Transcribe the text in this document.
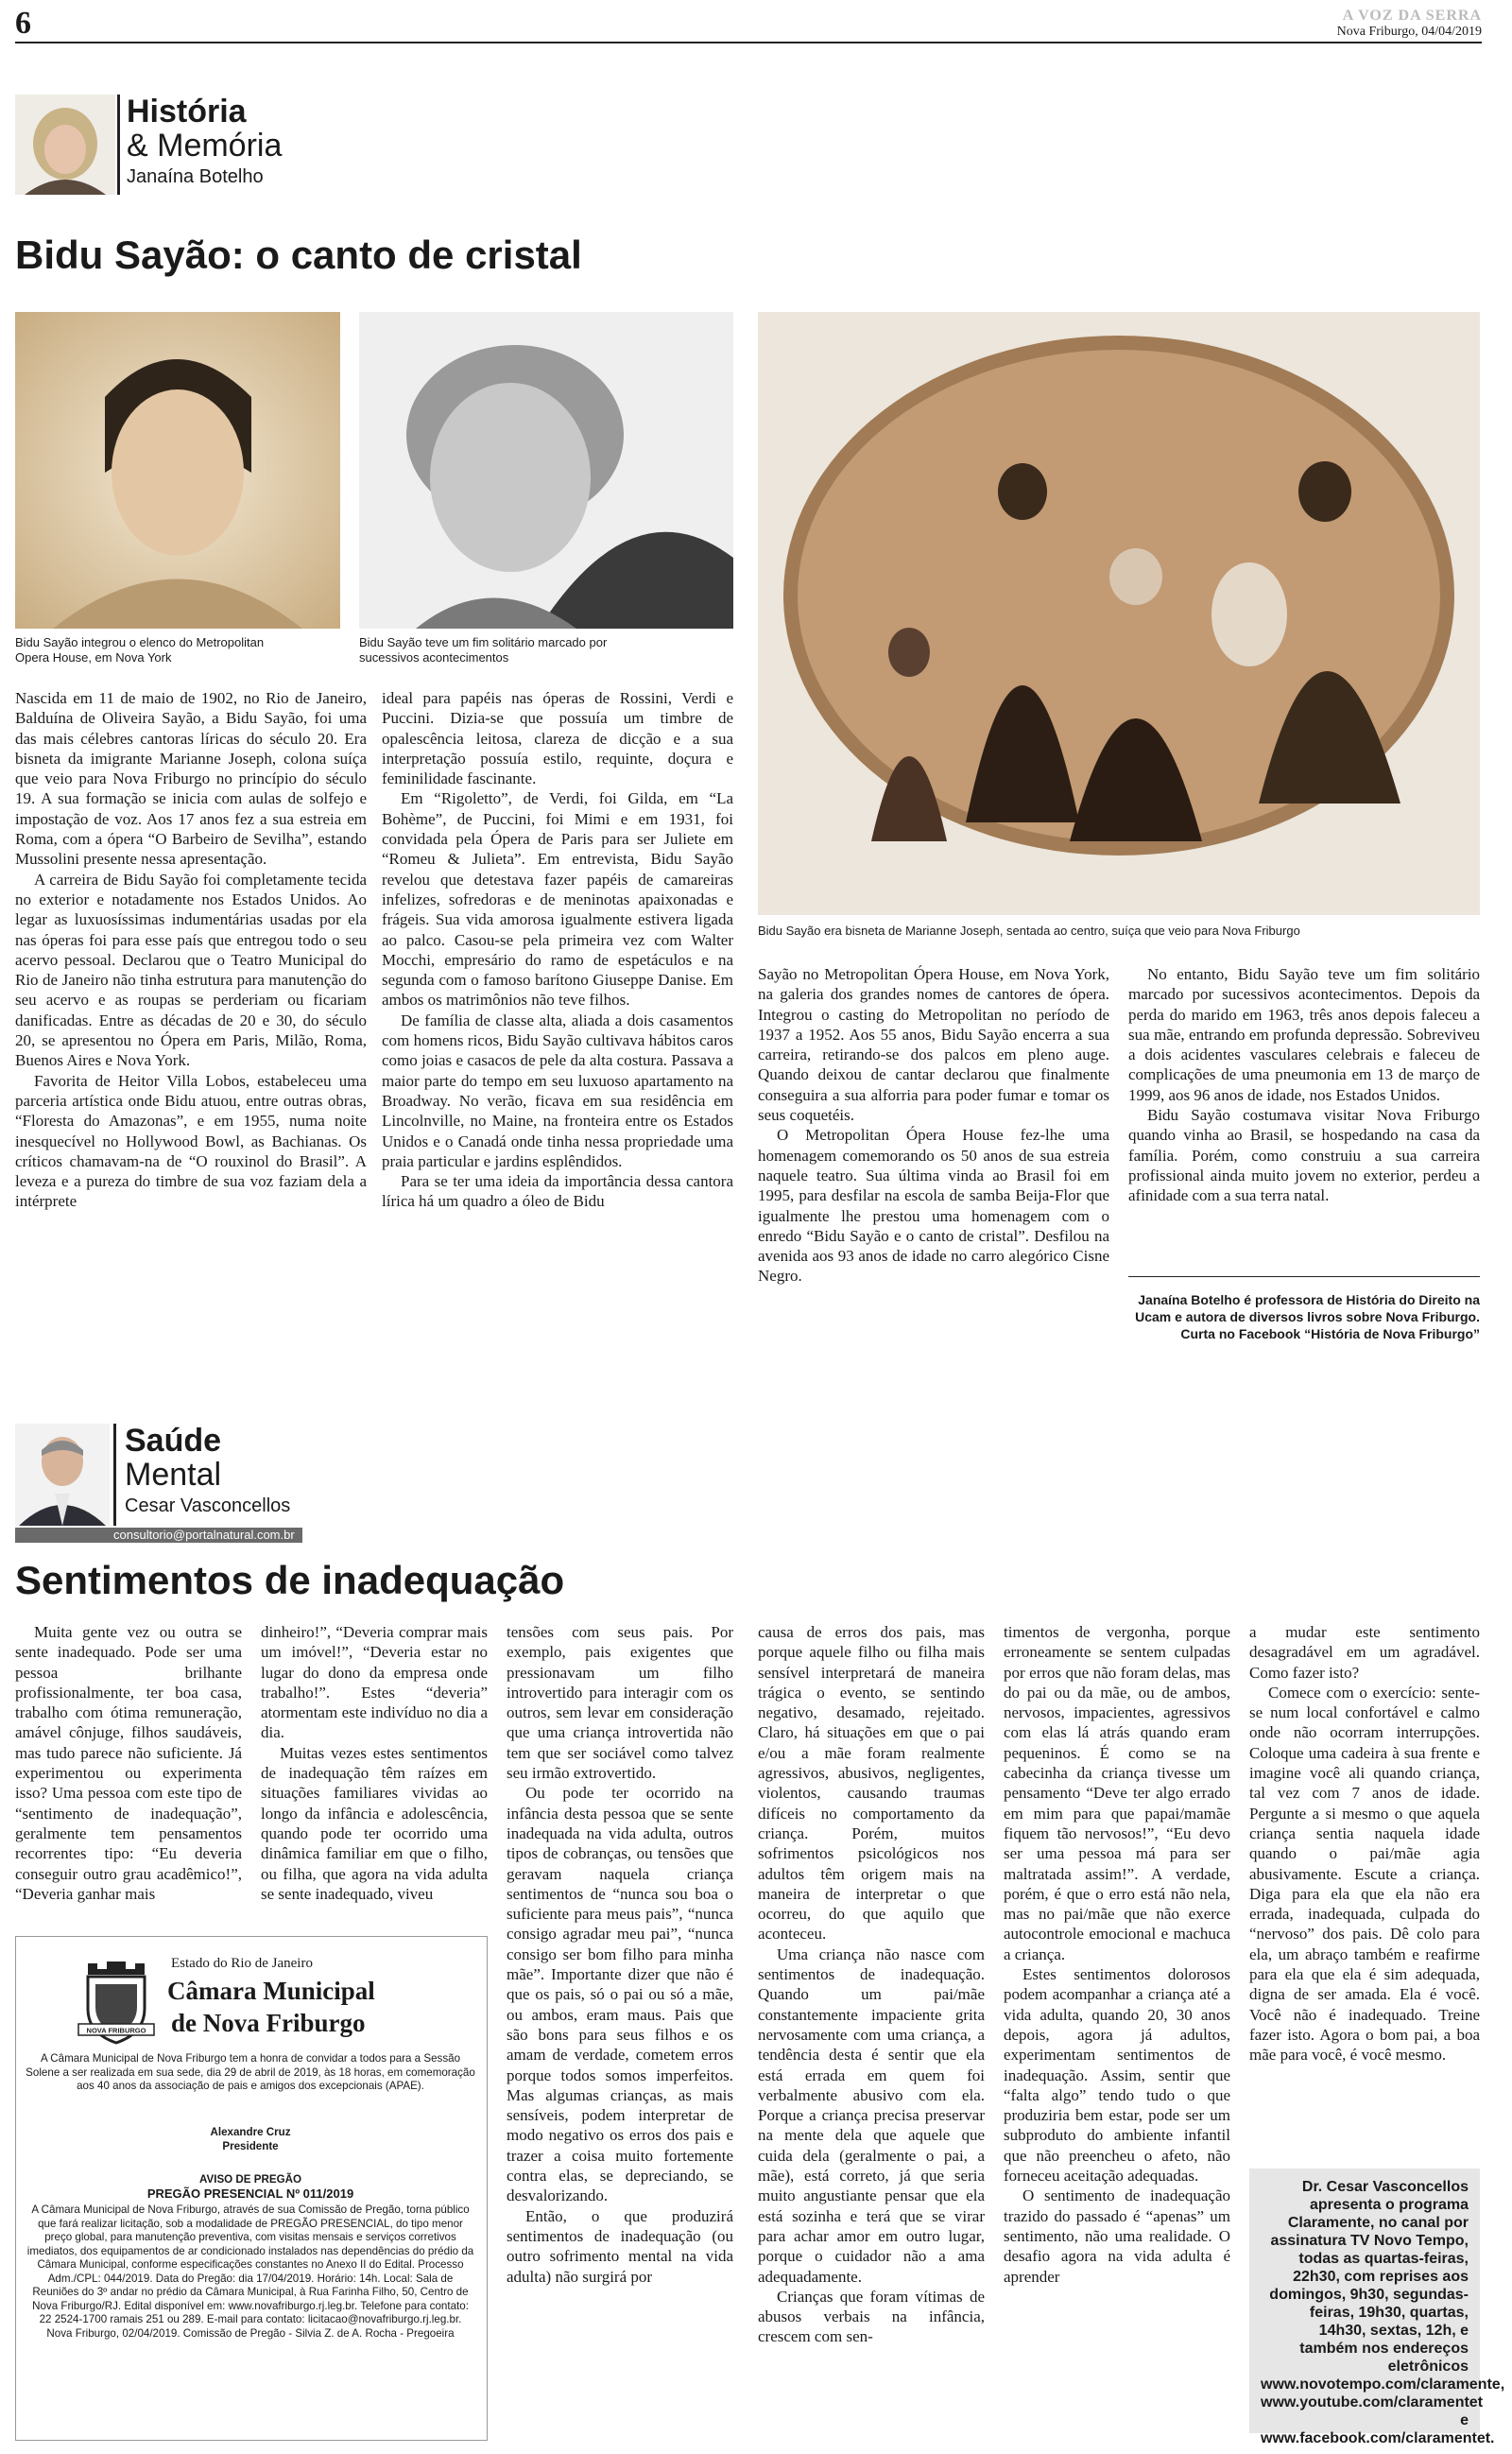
6	A VOZ DA SERRA
Nova Friburgo, 04/04/2019
História
& Memória
Janaína Botelho
Bidu Sayão: o canto de cristal
Bidu Sayão integrou o elenco do Metropolitan Opera House, em Nova York
Bidu Sayão teve um fim solitário marcado por sucessivos acontecimentos
Bidu Sayão era bisneta de Marianne Joseph, sentada ao centro, suíça que veio para Nova Friburgo

Nascida em 11 de maio de 1902, no Rio de Janeiro, Balduína de Oliveira Sayão, a Bidu Sayão, foi uma das mais célebres cantoras líricas do século 20. Era bisneta da imigrante Marianne Joseph, colona suíça que veio para Nova Friburgo no princípio do século 19. A sua formação se inicia com aulas de solfejo e impostação de voz. Aos 17 anos fez a sua estreia em Roma, com a ópera “O Barbeiro de Sevilha”, estando Mussolini presente nessa apresentação.

A carreira de Bidu Sayão foi completamente tecida no exterior e notadamente nos Estados Unidos. Ao legar as luxuosíssimas indumentárias usadas por ela nas óperas foi para esse país que entregou todo o seu acervo pessoal. Declarou que o Teatro Municipal do Rio de Janeiro não tinha estrutura para manutenção do seu acervo e as roupas se perderiam ou ficariam danificadas. Entre as décadas de 20 e 30, do século 20, se apresentou no Ópera em Paris, Milão, Roma, Buenos Aires e Nova York.

Favorita de Heitor Villa Lobos, estabeleceu uma parceria artística onde Bidu atuou, entre outras obras, “Floresta do Amazonas”, e em 1955, numa noite inesquecível no Hollywood Bowl, as Bachianas. Os críticos chamavam-na de “O rouxinol do Brasil”. A leveza e a pureza do timbre de sua voz faziam dela a intérprete

ideal para papéis nas óperas de Rossini, Verdi e Puccini. Dizia-se que possuía um timbre de opalescência leitosa, clareza de dicção e a sua interpretação possuía estilo, requinte, doçura e feminilidade fascinante.

Em “Rigoletto”, de Verdi, foi Gilda, em “La Bohème”, de Puccini, foi Mimi e em 1931, foi convidada pela Ópera de Paris para ser Juliete em “Romeu & Julieta”. Em entrevista, Bidu Sayão revelou que detestava fazer papéis de camareiras infelizes, sofredoras e de meninotas apaixonadas e frágeis. Sua vida amorosa igualmente estivera ligada ao palco. Casou-se pela primeira vez com Walter Mocchi, empresário do ramo de espetáculos e na segunda com o famoso barítono Giuseppe Danise. Em ambos os matrimônios não teve filhos.

De família de classe alta, aliada a dois casamentos com homens ricos, Bidu Sayão cultivava hábitos caros como joias e casacos de pele da alta costura. Passava a maior parte do tempo em seu luxuoso apartamento na Broadway. No verão, ficava em sua residência em Lincolnville, no Maine, na fronteira entre os Estados Unidos e o Canadá onde tinha nessa propriedade uma praia particular e jardins esplêndidos.

Para se ter uma ideia da importância dessa cantora lírica há um quadro a óleo de Bidu

Sayão no Metropolitan Ópera House, em Nova York, na galeria dos grandes nomes de cantores de ópera. Integrou o casting do Metropolitan no período de 1937 a 1952. Aos 55 anos, Bidu Sayão encerra a sua carreira, retirando-se dos palcos em pleno auge. Quando deixou de cantar declarou que finalmente conseguira a sua alforria para poder fumar e tomar os seus coquetéis.

O Metropolitan Ópera House fez-lhe uma homenagem comemorando os 50 anos de sua estreia naquele teatro. Sua última vinda ao Brasil foi em 1995, para desfilar na escola de samba Beija-Flor que igualmente lhe prestou uma homenagem com o enredo “Bidu Sayão e o canto de cristal”. Desfilou na avenida aos 93 anos de idade no carro alegórico Cisne Negro.

No entanto, Bidu Sayão teve um fim solitário marcado por sucessivos acontecimentos. Depois da perda do marido em 1963, três anos depois faleceu a sua mãe, entrando em profunda depressão. Sobreviveu a dois acidentes vasculares celebrais e faleceu de complicações de uma pneumonia em 13 de março de 1999, aos 96 anos de idade, nos Estados Unidos.

Bidu Sayão costumava visitar Nova Friburgo quando vinha ao Brasil, se hospedando na casa da família. Porém, como construiu a sua carreira profissional ainda muito jovem no exterior, perdeu a afinidade com a sua terra natal.

Janaína Botelho é professora de História do Direito na Ucam e autora de diversos livros sobre Nova Friburgo. Curta no Facebook “História de Nova Friburgo”
Saúde
Mental
Cesar Vasconcellos
consultorio@portalnatural.com.br
Sentimentos de inadequação

Muita gente vez ou outra se sente inadequado. Pode ser uma pessoa brilhante profissionalmente, ter boa casa, trabalho com ótima remuneração, amável cônjuge, filhos saudáveis, mas tudo parece não suficiente. Já experimentou ou experimenta isso? Uma pessoa com este tipo de “sentimento de inadequação”, geralmente tem pensamentos recorrentes tipo: “Eu deveria conseguir outro grau acadêmico!”, “Deveria ganhar mais

dinheiro!”, “Deveria comprar mais um imóvel!”, “Deveria estar no lugar do dono da empresa onde trabalho!”. Estes “deveria” atormentam este indivíduo no dia a dia.

Muitas vezes estes sentimentos de inadequação têm raízes em situações familiares vividas ao longo da infância e adolescência, quando pode ter ocorrido uma dinâmica familiar em que o filho, ou filha, que agora na vida adulta se sente inadequado, viveu

tensões com seus pais. Por exemplo, pais exigentes que pressionavam um filho introvertido para interagir com os outros, sem levar em consideração que uma criança introvertida não tem que ser sociável como talvez seu irmão extrovertido.

Ou pode ter ocorrido na infância desta pessoa que se sente inadequada na vida adulta, outros tipos de cobranças, ou tensões que geravam naquela criança sentimentos de “nunca sou boa o suficiente para meus pais”, “nunca consigo agradar meu pai”, “nunca consigo ser bom filho para minha mãe”. Importante dizer que não é que os pais, só o pai ou só a mãe, ou ambos, eram maus. Pais que são bons para seus filhos e os amam de verdade, cometem erros porque todos somos imperfeitos. Mas algumas crianças, as mais sensíveis, podem interpretar de modo negativo os erros dos pais e trazer a coisa muito fortemente contra elas, se depreciando, se desvalorizando.

Então, o que produzirá sentimentos de inadequação (ou outro sofrimento mental na vida adulta) não surgirá por

causa de erros dos pais, mas porque aquele filho ou filha mais sensível interpretará de maneira trágica o evento, se sentindo negativo, desamado, rejeitado. Claro, há situações em que o pai e/ou a mãe foram realmente agressivos, abusivos, negligentes, violentos, causando traumas difíceis no comportamento da criança. Porém, muitos sofrimentos psicológicos nos adultos têm origem mais na maneira de interpretar o que ocorreu, do que aquilo que aconteceu.

Uma criança não nasce com sentimentos de inadequação. Quando um pai/mãe constantemente impaciente grita nervosamente com uma criança, a tendência desta é sentir que ela está errada em quem foi verbalmente abusivo com ela. Porque a criança precisa preservar na mente dela que aquele que cuida dela (geralmente o pai, a mãe), está correto, já que seria muito angustiante pensar que ela está sozinha e terá que se virar para achar amor em outro lugar, porque o cuidador não a ama adequadamente.

Crianças que foram vítimas de abusos verbais na infância, crescem com sen-

timentos de vergonha, porque erroneamente se sentem culpadas por erros que não foram delas, mas do pai ou da mãe, ou de ambos, nervosos, impacientes, agressivos com elas lá atrás quando eram pequeninos. É como se na cabecinha da criança tivesse um pensamento “Deve ter algo errado em mim para que papai/mamãe fiquem tão nervosos!”, “Eu devo ser uma pessoa má para ser maltratada assim!”. A verdade, porém, é que o erro está não nela, mas no pai/mãe que não exerce autocontrole emocional e machuca a criança.

Estes sentimentos dolorosos podem acompanhar a criança até a vida adulta, quando 20, 30 anos depois, agora já adultos, experimentam sentimentos de inadequação. Assim, sentir que “falta algo” tendo tudo o que produziria bem estar, pode ser um subproduto do ambiente infantil que não preencheu o afeto, não forneceu aceitação adequadas.

O sentimento de inadequação trazido do passado é “apenas” um sentimento, não uma realidade. O desafio agora na vida adulta é aprender

a mudar este sentimento desagradável em um agradável. Como fazer isto?

Comece com o exercício: sente-se num local confortável e calmo onde não ocorram interrupções. Coloque uma cadeira à sua frente e imagine você ali quando criança, tal vez com 7 anos de idade. Pergunte a si mesmo o que aquela criança sentia naquela idade quando o pai/mãe agia abusivamente. Escute a criança. Diga para ela que ela não era errada, inadequada, culpada do “nervoso” dos pais. Dê colo para ela, um abraço também e reafirme para ela que ela é sim adequada, digna de ser amada. Ela é você. Você não é inadequado. Treine fazer isto. Agora o bom pai, a boa mãe para você, é você mesmo.

Dr. Cesar Vasconcellos apresenta o programa Claramente, no canal por assinatura TV Novo Tempo, todas as quartas-feiras, 22h30, com reprises aos domingos, 9h30, segundas-feiras, 19h30, quartas, 14h30, sextas, 12h, e também nos endereços eletrônicos www.novotempo.com/claramente, www.youtube.com/claramentet e www.facebook.com/claramentet.
NOVA FRIBURGO
Estado do Rio de Janeiro
Câmara Municipal
de Nova Friburgo
A Câmara Municipal de Nova Friburgo tem a honra de convidar a todos para a Sessão Solene a ser realizada em sua sede, dia 29 de abril de 2019, às 18 horas, em comemoração aos 40 anos da associação de pais e amigos dos excepcionais (APAE).
Alexandre Cruz
Presidente
AVISO DE PREGÃO
PREGÃO PRESENCIAL Nº 011/2019
A Câmara Municipal de Nova Friburgo, através de sua Comissão de Pregão, torna público que fará realizar licitação, sob a modalidade de PREGÃO PRESENCIAL, do tipo menor preço global, para manutenção preventiva, com visitas mensais e serviços corretivos imediatos, dos equipamentos de ar condicionado instalados nas dependências do prédio da Câmara Municipal, conforme especificações constantes no Anexo II do Edital. Processo Adm./CPL: 044/2019. Data do Pregão: dia 17/04/2019. Horário: 14h. Local: Sala de Reuniões do 3º andar no prédio da Câmara Municipal, à Rua Farinha Filho, 50, Centro de Nova Friburgo/RJ. Edital disponível em: www.novafriburgo.rj.leg.br. Telefone para contato: 22 2524-1700 ramais 251 ou 289. E-mail para contato: licitacao@novafriburgo.rj.leg.br. Nova Friburgo, 02/04/2019. Comissão de Pregão - Silvia Z. de A. Rocha - Pregoeira
